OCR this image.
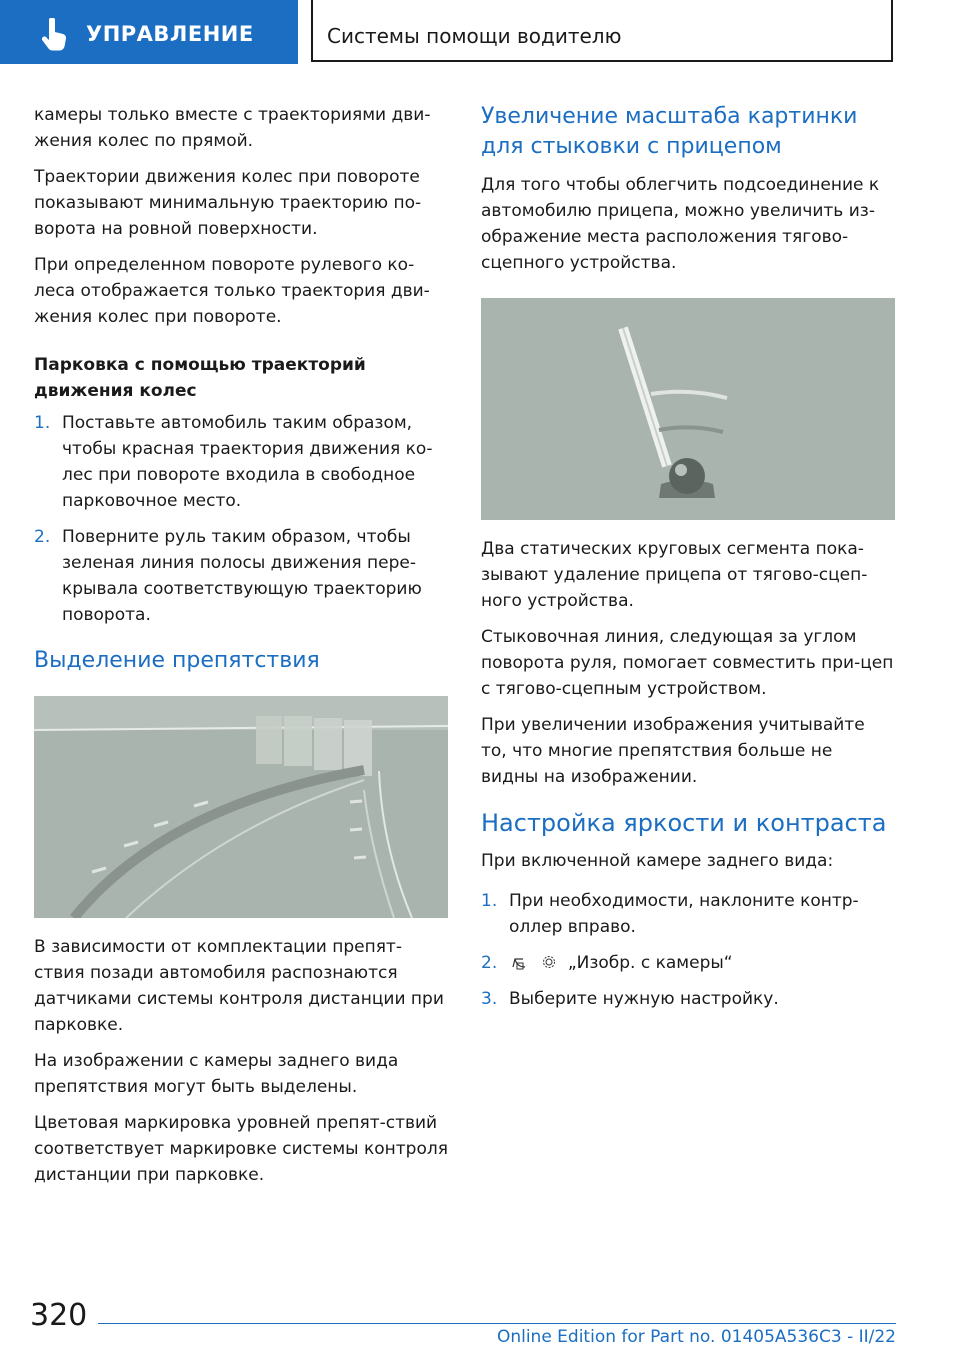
УПРАВЛЕНИЕ	Системы помощи водителю

камеры только вместе с траекториями дви-жения колес по прямой.

Траектории движения колес при повороте показывают минимальную траекторию по-ворота на ровной поверхности.

При определенном повороте рулевого ко-леса отображается только траектория дви-жения колес при повороте.

Парковка с помощью траекторий движения колес

1. Поставьте автомобиль таким образом, чтобы красная траектория движения ко-лес при повороте входила в свободное парковочное место.
2. Поверните руль таким образом, чтобы зеленая линия полосы движения пере-крывала соответствующую траекторию поворота.
Выделение препятствия

В зависимости от комплектации препят-ствия позади автомобиля распознаются датчиками системы контроля дистанции при парковке.

На изображении с камеры заднего вида препятствия могут быть выделены.

Цветовая маркировка уровней препят-ствий соответствует маркировке системы контроля дистанции при парковке.

Увеличение масштаба картинки для стыковки с прицепом

Для того чтобы облегчить подсоединение к автомобилю прицепа, можно увеличить из-ображение места расположения тягово-сцепного устройства.

Два статических круговых сегмента пока-зывают удаление прицепа от тягово-сцеп-ного устройства.

Стыковочная линия, следующая за углом поворота руля, помогает совместить при-цеп с тягово-сцепным устройством.

При увеличении изображения учитывайте то, что многие препятствия больше не видны на изображении.

Настройка яркости и контраста

При включенной камере заднего вида:

1. При необходимости, наклоните контр-оллер вправо.
2.	„Изобр. с камеры“
3. Выберите нужную настройку.
320
Online Edition for Part no. 01405A536C3 - II/22
